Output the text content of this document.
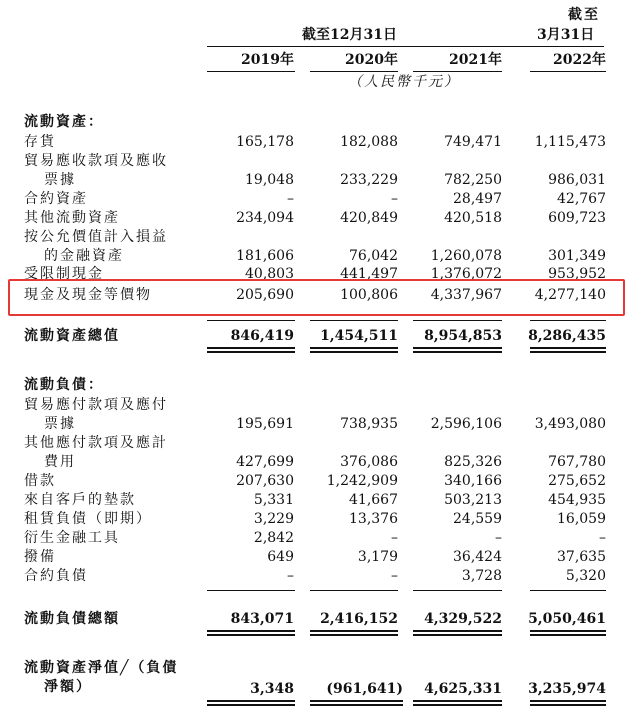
截至
截至12月31日	3月31日
2019年	2020年	2021年	2022年
（人民幣千元）
流動資產：
存貨	165,178	182,088	749,471 1,115,473
貿易應收款項及應收
票據	19,048	233,229	782,250	986,031
合約資產	–	–	28,497	42,767
其他流動資產	234,094	420,849	420,518	609,723
按公允價值計入損益
的金融資產	181,606	76,042 1,260,078	301,349
受限制現金	40,803	441,497 1,376,072	953,952
現金及現金等價物	205,690	100,806 4,337,967 4,277,140
流動資產總值	846,419 1,454,511 8,954,853 8,286,435
流動負債：
貿易應付款項及應付
票據	195,691	738,935 2,596,106 3,493,080
其他應付款項及應計
費用	427,699	376,086	825,326	767,780
借款	207,630 1,242,909	340,166	275,652
來自客戶的墊款	5,331	41,667	503,213	454,935
租賃負債（即期）	3,229	13,376	24,559	16,059
衍生金融工具	2,842	–	–	–
撥備	649	3,179	36,424	37,635
合約負債	–	–	3,728	5,320
流動負債總額	843,071 2,416,152 4,329,522 5,050,461
流動資產淨值╱（負債
淨額）	3,348 (961,641) 4,625,331 3,235,974
